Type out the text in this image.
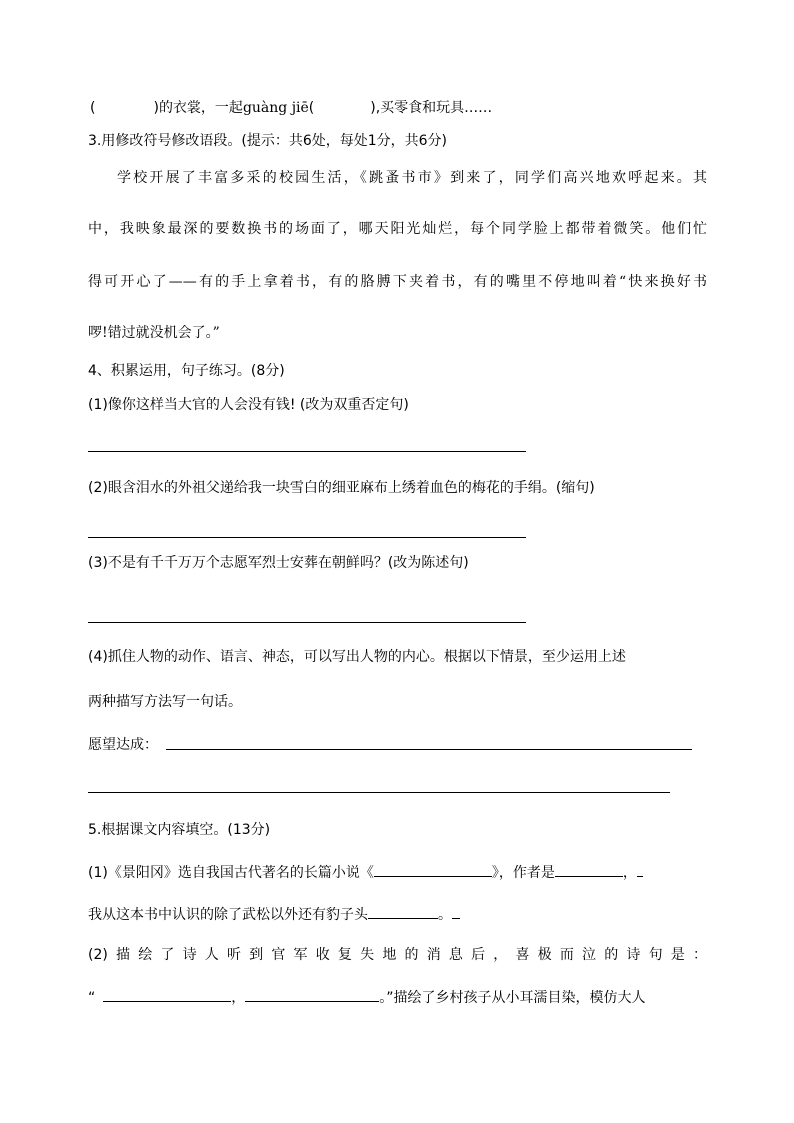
(	)的衣裳，一起guàng jiē(	),买零食和玩具……
3.用修改符号修改语段。(提示：共6处，每处1分，共6分)
学校开展了丰富多采的校园生活，《跳蚤书市》到来了，同学们高兴地欢呼起来。其
中，我映象最深的要数换书的场面了，哪天阳光灿烂，每个同学脸上都带着微笑。他们忙
得可开心了——有的手上拿着书，有的胳膊下夹着书，有的嘴里不停地叫着“快来换好书
啰!错过就没机会了。”
4、积累运用，句子练习。(8分)
(1)像你这样当大官的人会没有钱! (改为双重否定句)
(2)眼含泪水的外祖父递给我一块雪白的细亚麻布上绣着血色的梅花的手绢。(缩句)
(3)不是有千千万万个志愿军烈士安葬在朝鲜吗？(改为陈述句)
(4)抓住人物的动作、语言、神态，可以写出人物的内心。根据以下情景，至少运用上述
两种描写方法写一句话。
愿望达成：
5.根据课文内容填空。(13分)
(1)《景阳冈》选自我国古代著名的长篇小说《	》，作者是	，
我从这本书中认识的除了武松以外还有豹子头	。
(2)描绘了诗人听到官军收复失地的消息后，喜极而泣的诗句是：
“	，	。”描绘了乡村孩子从小耳濡目染，模仿大人
